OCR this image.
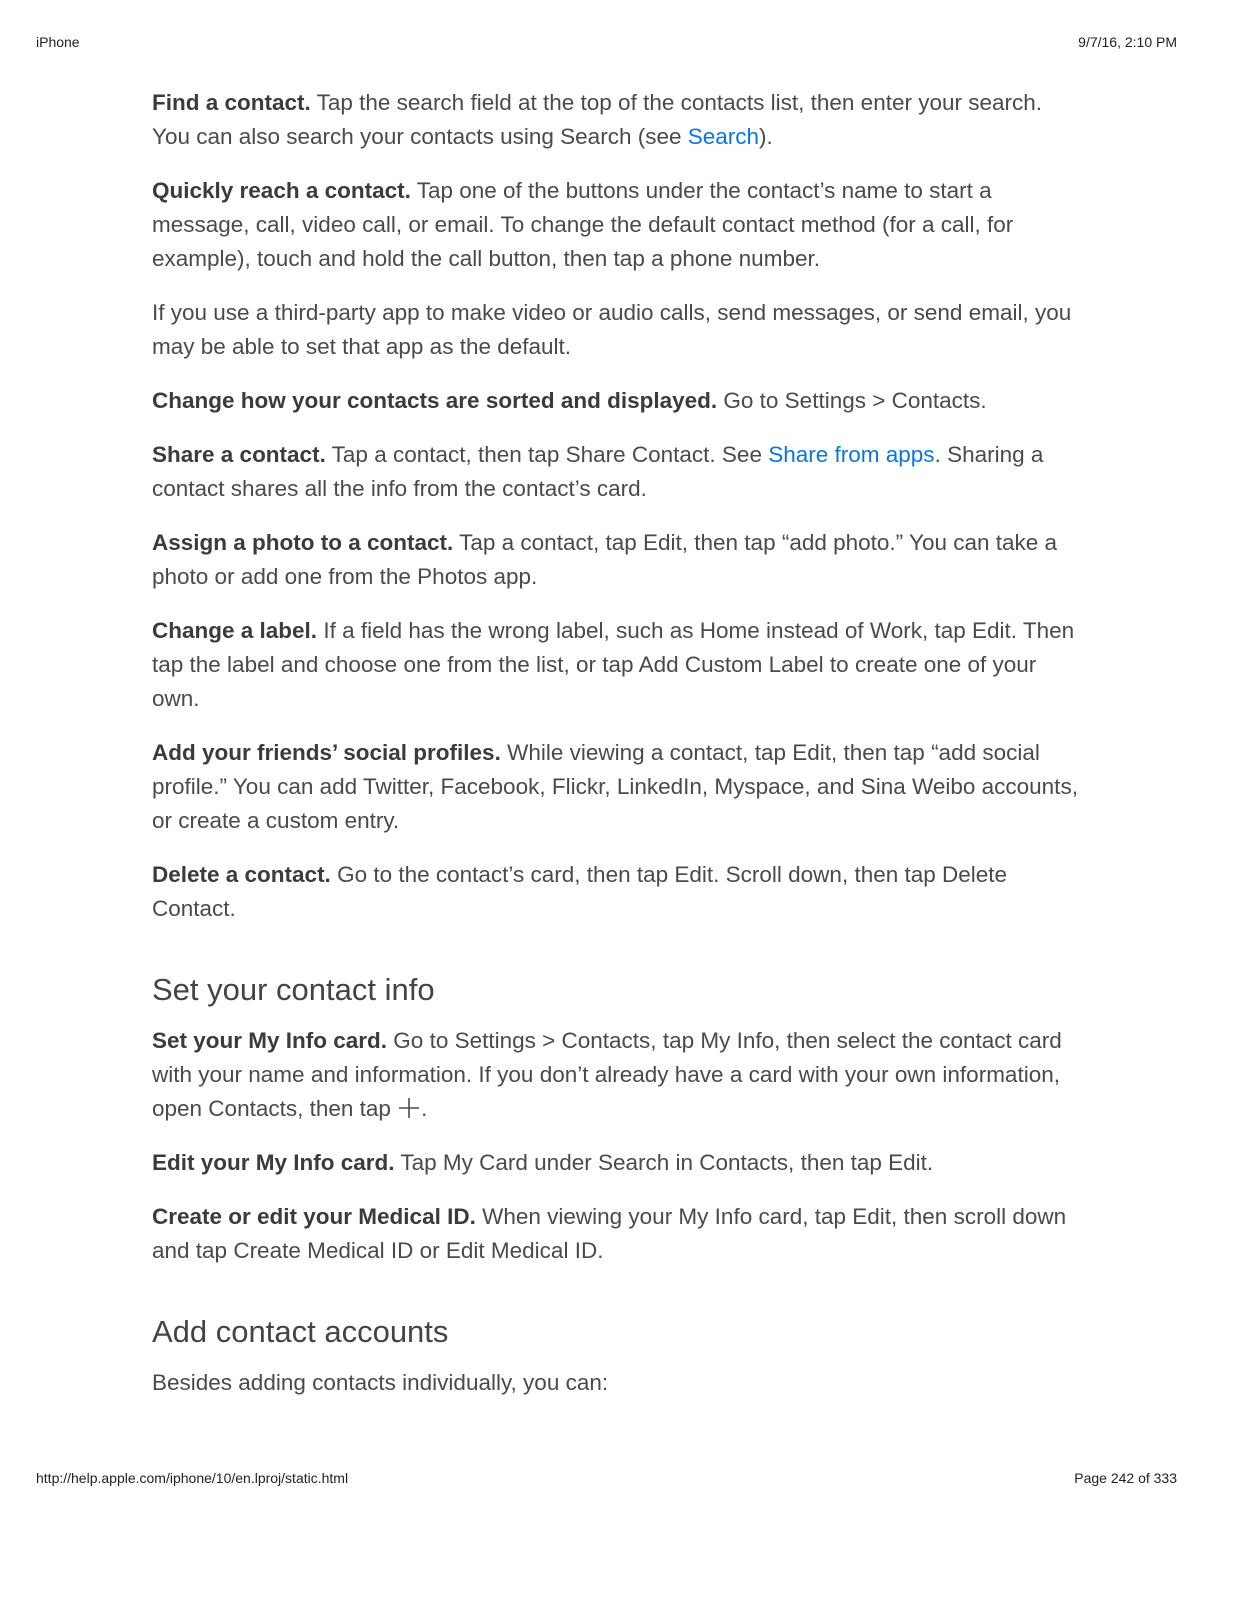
iPhone	9/7/16, 2:10 PM

Find a contact. Tap the search field at the top of the contacts list, then enter your search. You can also search your contacts using Search (see Search).

Quickly reach a contact. Tap one of the buttons under the contact’s name to start a message, call, video call, or email. To change the default contact method (for a call, for example), touch and hold the call button, then tap a phone number.

If you use a third-party app to make video or audio calls, send messages, or send email, you may be able to set that app as the default.

Change how your contacts are sorted and displayed. Go to Settings > Contacts.

Share a contact. Tap a contact, then tap Share Contact. See Share from apps. Sharing a contact shares all the info from the contact’s card.

Assign a photo to a contact. Tap a contact, tap Edit, then tap “add photo.” You can take a photo or add one from the Photos app.

Change a label. If a field has the wrong label, such as Home instead of Work, tap Edit. Then tap the label and choose one from the list, or tap Add Custom Label to create one of your own.

Add your friends’ social profiles. While viewing a contact, tap Edit, then tap “add social profile.” You can add Twitter, Facebook, Flickr, LinkedIn, Myspace, and Sina Weibo accounts, or create a custom entry.

Delete a contact. Go to the contact’s card, then tap Edit. Scroll down, then tap Delete Contact.

Set your contact info

Set your My Info card. Go to Settings > Contacts, tap My Info, then select the contact card with your name and information. If you don’t already have a card with your own information, open Contacts, then tap .

Edit your My Info card. Tap My Card under Search in Contacts, then tap Edit.

Create or edit your Medical ID. When viewing your My Info card, tap Edit, then scroll down and tap Create Medical ID or Edit Medical ID.

Add contact accounts

Besides adding contacts individually, you can:

http://help.apple.com/iphone/10/en.lproj/static.html	Page 242 of 333
